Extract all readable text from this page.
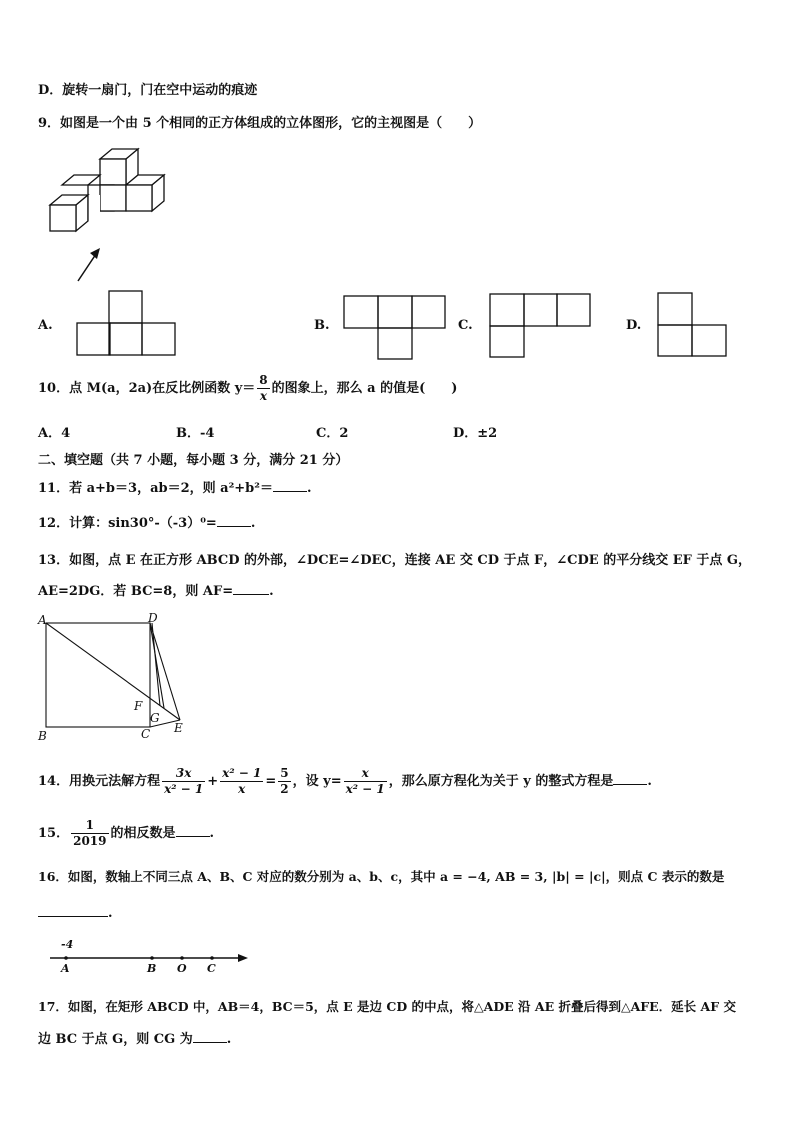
D．旋转一扇门，门在空中运动的痕迹
9．如图是一个由 5 个相同的正方体组成的立体图形，它的主视图是（　　）
A.	B.	C.	D.
10．点 M(a，2a)在反比例函数 $y= \frac{8}{x}$ 的图象上，那么 a 的值是(　　)
A．4	B．-4	C．2	D．±2
二、填空题（共 7 小题，每小题 3 分，满分 21 分）
11．若 a+b＝3，ab＝2，则 a²+b²＝	.
12．计算：sin30°-（-3）⁰=	.
13．如图，点 E 在正方形 ABCD 的外部，∠DCE=∠DEC，连接 AE 交 CD 于点 F，∠CDE 的平分线交 EF 于点 G，
AE=2DG．若 BC=8，则 AF=	.
A	D
B	C E
F
G
14．用换元法解方程 $\frac{3x}{\text{x² − 1}} + \frac{\text{x² − 1}}{x} = \frac{5}{2}$ ，设 $y= \frac{x}{\text{x² − 1}}$ ，那么原方程化为关于 y 的整式方程是	.
15． $\frac{1}{2019}$ 的相反数是	.
16．如图，数轴上不同三点 A、B、C 对应的数分别为 a、b、c，其中 a = −4, AB = 3, |b| = |c|，则点 C 表示的数是
.
-4
A	B O C
17．如图，在矩形 ABCD 中，AB＝4，BC＝5，点 E 是边 CD 的中点，将△ADE 沿 AE 折叠后得到△AFE．延长 AF 交
边 BC 于点 G，则 CG 为	.
